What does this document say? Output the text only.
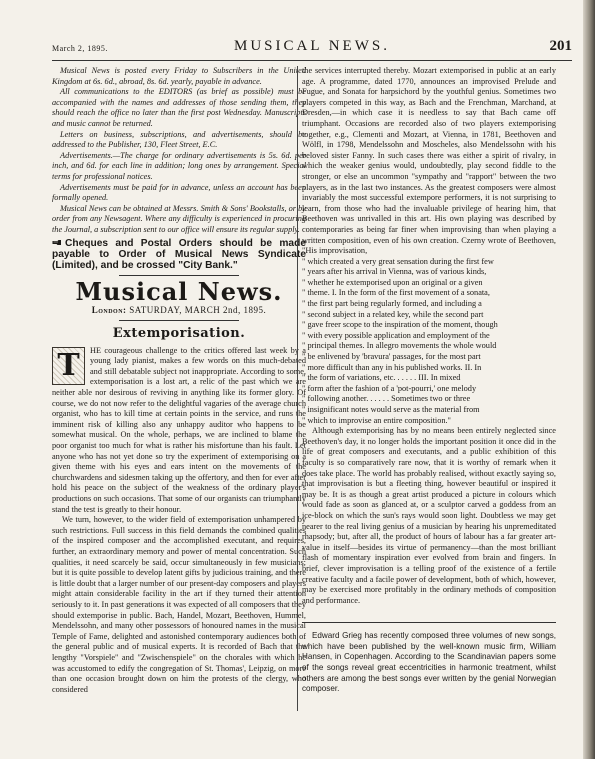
March 2, 1895.	MUSICAL NEWS.	201

Musical News is posted every Friday to Subscribers in the United Kingdom at 6s. 6d., abroad, 8s. 6d. yearly, payable in advance.

All communications to the EDITORS (as brief as possible) must be accompanied with the names and addresses of those sending them, they should reach the office no later than the first post Wednesday. Manuscripts and music cannot be returned.

Letters on business, subscriptions, and advertisements, should be addressed to the Publisher, 130, Fleet Street, E.C.

Advertisements.—The charge for ordinary advertisements is 5s. 6d. per inch, and 6d. for each line in addition; long ones by arrangement. Special terms for professional notices.

Advertisements must be paid for in advance, unless an account has been formally opened.

Musical News can be obtained at Messrs. Smith & Sons' Bookstalls, or by order from any Newsagent. Where any difficulty is experienced in procuring the Journal, a subscription sent to our office will ensure its regular supply.

Cheques and Postal Orders should be made payable to Order of Musical News Syndicate (Limited), and be crossed "City Bank."

Musical News.
London: SATURDAY, MARCH 2nd, 1895.
Extemporisation.

T	HE courageous challenge to the critics offered last week by a young lady pianist, makes a few words on this much-debated and still debatable subject not inappropriate. According to some, extemporisation is a lost art, a relic of the past which we are neither able nor desirous of reviving in anything like its former glory. Of course, we do not now refer to the delightful vagaries of the average church organist, who has to kill time at certain points in the service, and runs the imminent risk of killing also any unhappy auditor who happens to be somewhat musical. On the whole, perhaps, we are inclined to blame the poor organist too much for what is rather his misfortune than his fault. Let anyone who has not yet done so try the experiment of extemporising on a given theme with his eyes and ears intent on the movements of the churchwardens and sidesmen taking up the offertory, and then for ever after hold his peace on the subject of the weakness of the ordinary player's productions on such occasions. That some of our organists can triumphantly stand the test is greatly to their honour.

We turn, however, to the wider field of extemporisation unhampered by such restrictions. Full success in this field demands the combined qualities of the inspired composer and the accomplished executant, and requires, further, an extraordinary memory and power of mental concentration. Such qualities, it need scarcely be said, occur simultaneously in few musicians; but it is quite possible to develop latent gifts by judicious training, and there is little doubt that a larger number of our present-day composers and players might attain considerable facility in the art if they turned their attention seriously to it. In past generations it was expected of all composers that they should extemporise in public. Bach, Handel, Mozart, Beethoven, Hummel, Mendelssohn, and many other possessors of honoured names in the musical Temple of Fame, delighted and astonished contemporary audiences both of the general public and of musical experts. It is recorded of Bach that the lengthy "Vorspiele" and "Zwischenspiele" on the chorales with which he was accustomed to edify the congregation of St. Thomas', Leipzig, on more than one occasion brought down on him the protests of the clergy, who considered

the services interrupted thereby. Mozart extemporised in public at an early age. A programme, dated 1770, announces an improvised Prelude and Fugue, and Sonata for harpsichord by the youthful genius. Sometimes two players competed in this way, as Bach and the Frenchman, Marchand, at Dresden,—in which case it is needless to say that Bach came off triumphant. Occasions are recorded also of two players extemporising together, e.g., Clementi and Mozart, at Vienna, in 1781, Beethoven and Wölfl, in 1798, Mendelssohn and Moscheles, also Mendelssohn with his beloved sister Fanny. In such cases there was either a spirit of rivalry, in which the weaker genius would, undoubtedly, play second fiddle to the stronger, or else an uncommon "sympathy and "rapport" between the two players, as in the last two instances. As the greatest composers were almost invariably the most successful extempore performers, it is not surprising to learn, from those who had the invaluable privilege of hearing him, that Beethoven was unrivalled in this art. His own playing was described by contemporaries as being far finer when improvising than when playing a written composition, even of his own creation. Czerny wrote of Beethoven, "His improvisation,

" which created a very great sensation during the first few

" years after his arrival in Vienna, was of various kinds,

" whether he extemporised upon an original or a given

" theme. I. In the form of the first movement of a sonata,

" the first part being regularly formed, and including a

" second subject in a related key, while the second part

" gave freer scope to the inspiration of the moment, though

" with every possible application and employment of the

" principal themes. In allegro movements the whole would

" be enlivened by 'bravura' passages, for the most part

" more difficult than any in his published works. II. In

" the form of variations, etc. . . . . . III. In mixed

" form after the fashion of a 'pot-pourri,' one melody

" following another. . . . . . Sometimes two or three

" insignificant notes would serve as the material from

" which to improvise an entire composition."

Although extemporising has by no means been entirely neglected since Beethoven's day, it no longer holds the important position it once did in the life of great composers and executants, and a public exhibition of this faculty is so comparatively rare now, that it is worthy of remark when it does take place. The world has probably realised, without exactly saying so, that improvisation is but a fleeting thing, however beautiful or inspired it may be. It is as though a great artist produced a picture in colours which would fade as soon as glanced at, or a sculptor carved a goddess from an ice-block on which the sun's rays would soon light. Doubtless we may get nearer to the real living genius of a musician by hearing his unpremeditated rhapsody; but, after all, the product of hours of labour has a far greater art-value in itself—besides its virtue of permanency—than the most brilliant flash of momentary inspiration ever evolved from brain and fingers. In brief, clever improvisation is a telling proof of the existence of a fertile creative faculty and a facile power of development, both of which, however, may be exercised more profitably in the ordinary methods of composition and performance.

Edward Grieg has recently composed three volumes of new songs, which have been published by the well-known music firm, William Hansen, in Copenhagen. According to the Scandinavian papers some of the songs reveal great eccentricities in harmonic treatment, whilst others are among the best songs ever written by the genial Norwegian composer.
